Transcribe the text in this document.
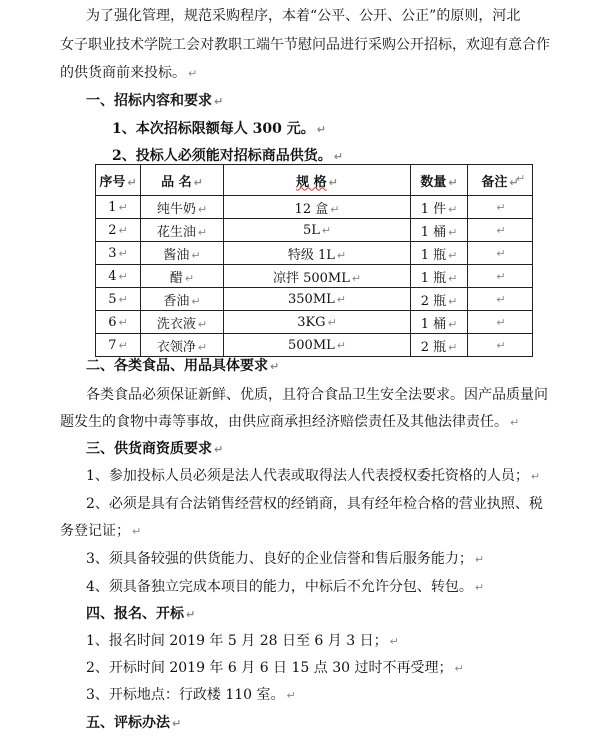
为了强化管理，规范采购程序，本着“公平、公开、公正”的原则，河北
女子职业技术学院工会对教职工端午节慰问品进行采购公开招标，欢迎有意合作
的供货商前来投标。 ↵
一、招标内容和要求 ↵
1、本次招标限额每人 300 元。 ↵
2、投标人必须能对招标商品供货。 ↵
序号 ↵	品 名 ↵	规 格 ↵	数量 ↵	备注 ↵
1 ↵	纯牛奶 ↵	12 盒 ↵	1 件 ↵	↵
2 ↵	花生油 ↵	5L ↵	1 桶 ↵	↵
3 ↵	酱油 ↵	特级 1L ↵	1 瓶 ↵	↵
4 ↵	醋 ↵	凉拌 500ML ↵	1 瓶 ↵	↵
5 ↵	香油 ↵	350ML ↵	2 瓶 ↵	↵
6 ↵	洗衣液 ↵	3KG ↵	1 桶 ↵	↵
7 ↵	衣领净 ↵	500ML ↵	2 瓶 ↵	↵
↵
二、各类食品、用品具体要求 ↵
各类食品必须保证新鲜、优质，且符合食品卫生安全法要求。因产品质量问
题发生的食物中毒等事故，由供应商承担经济赔偿责任及其他法律责任。 ↵
三、供货商资质要求 ↵
1、参加投标人员必须是法人代表或取得法人代表授权委托资格的人员； ↵
2、必须是具有合法销售经营权的经销商，具有经年检合格的营业执照、税
务登记证； ↵
3、须具备较强的供货能力、良好的企业信誉和售后服务能力； ↵
4、须具备独立完成本项目的能力，中标后不允许分包、转包。 ↵
四、报名、开标 ↵
1、报名时间 2019 年 5 月 28 日至 6 月 3 日； ↵
2、开标时间 2019 年 6 月 6 日 15 点 30 过时不再受理； ↵
3、开标地点：行政楼 110 室。 ↵
五、评标办法 ↵
